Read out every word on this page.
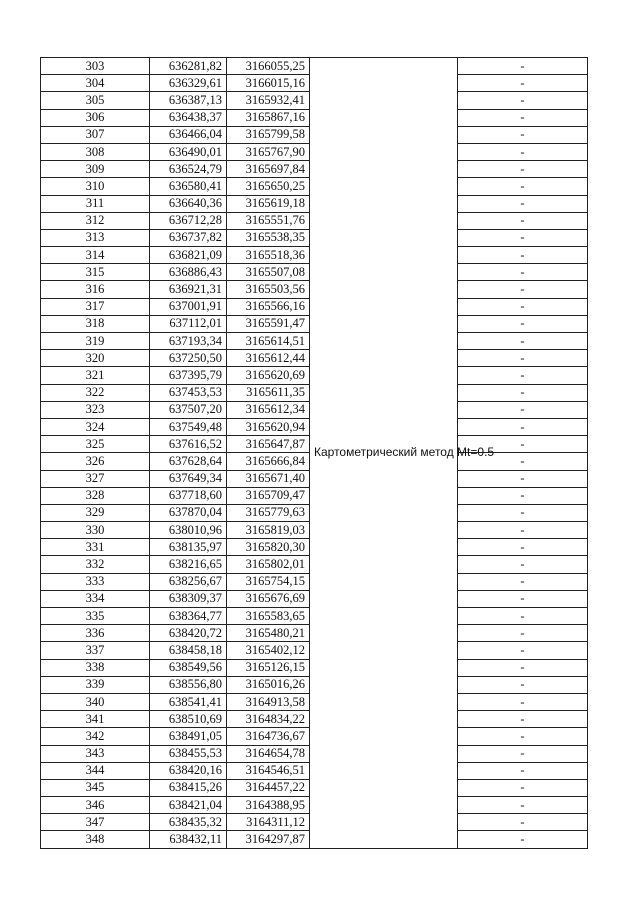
303	636281,82	3166055,25	Картометрический метод Mt=0.5	-
304	636329,61	3166015,16		-
305	636387,13	3165932,41		-
306	636438,37	3165867,16		-
307	636466,04	3165799,58		-
308	636490,01	3165767,90		-
309	636524,79	3165697,84		-
310	636580,41	3165650,25		-
311	636640,36	3165619,18		-
312	636712,28	3165551,76		-
313	636737,82	3165538,35		-
314	636821,09	3165518,36		-
315	636886,43	3165507,08		-
316	636921,31	3165503,56		-
317	637001,91	3165566,16		-
318	637112,01	3165591,47		-
319	637193,34	3165614,51		-
320	637250,50	3165612,44		-
321	637395,79	3165620,69		-
322	637453,53	3165611,35		-
323	637507,20	3165612,34		-
324	637549,48	3165620,94		-
325	637616,52	3165647,87		-
326	637628,64	3165666,84		-
327	637649,34	3165671,40		-
328	637718,60	3165709,47		-
329	637870,04	3165779,63		-
330	638010,96	3165819,03		-
331	638135,97	3165820,30		-
332	638216,65	3165802,01		-
333	638256,67	3165754,15		-
334	638309,37	3165676,69		-
335	638364,77	3165583,65		-
336	638420,72	3165480,21		-
337	638458,18	3165402,12		-
338	638549,56	3165126,15		-
339	638556,80	3165016,26		-
340	638541,41	3164913,58		-
341	638510,69	3164834,22		-
342	638491,05	3164736,67		-
343	638455,53	3164654,78		-
344	638420,16	3164546,51		-
345	638415,26	3164457,22		-
346	638421,04	3164388,95		-
347	638435,32	3164311,12		-
348	638432,11	3164297,87		-
